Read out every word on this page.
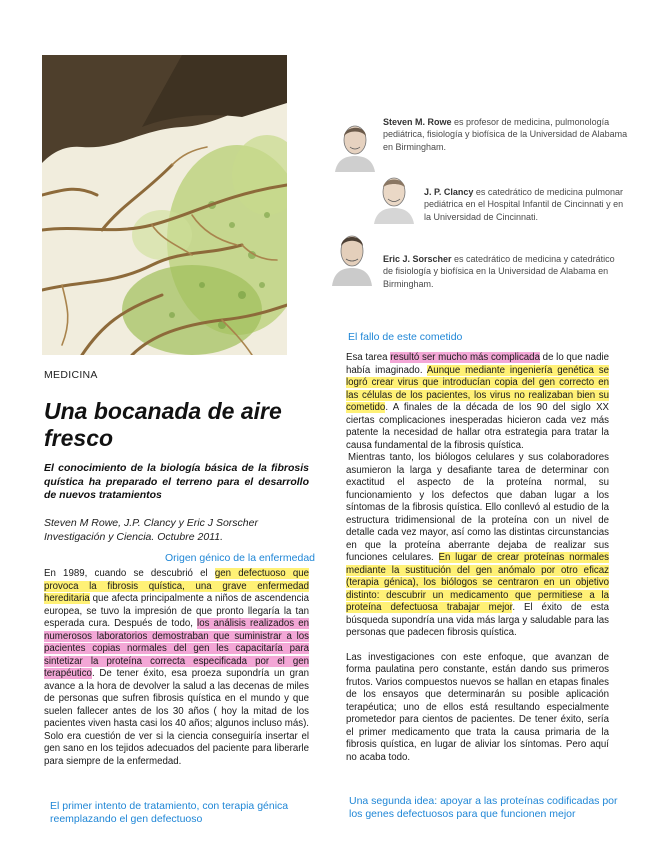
Steven M. Rowe es profesor de medicina, pulmonología pediátrica, fisiología y biofísica de la Universidad de Alabama en Birmingham.
J. P. Clancy es catedrático de medicina pulmonar pediátrica en el Hospital Infantil de Cincinnati y en la Universidad de Cincinnati.
Eric J. Sorscher es catedrático de medicina y catedrático de fisiología y biofísica en la Universidad de Alabama en Birmingham.
MEDICINA
Una bocanada de aire fresco
El conocimiento de la biología básica de la fibrosis quística ha preparado el terreno para el desarrollo de nuevos tratamientos
Steven M Rowe, J.P. Clancy y Eric J Sorscher
Investigación y Ciencia. Octubre 2011.
Origen génico de la enfermedad

En 1989, cuando se descubrió el gen defectuoso que provoca la fibrosis quística, una grave enfermedad hereditaria que afecta principalmente a niños de ascendencia europea, se tuvo la impresión de que pronto llegaría la tan esperada cura. Después de todo, los análisis realizados en numerosos laboratorios demostraban que suministrar a los pacientes copias normales del gen les capacitaría para sintetizar la proteína correcta especificada por el gen terapéutico. De tener éxito, esa proeza supondría un gran avance a la hora de devolver la salud a las decenas de miles de personas que sufren fibrosis quística en el mundo y que suelen fallecer antes de los 30 años ( hoy la mitad de los pacientes viven hasta casi los 40 años; algunos incluso más). Solo era cuestión de ver si la ciencia conseguiría insertar el gen sano en los tejidos adecuados del paciente para liberarle para siempre de la enfermedad.

El primer intento de tratamiento, con terapia génica reemplazando el gen defectuoso
El fallo de este cometido

Esa tarea resultó ser mucho más complicada de lo que nadie había imaginado. Aunque mediante ingeniería genética se logró crear virus que introducían copia del gen correcto en las células de los pacientes, los virus no realizaban bien su cometido. A finales de la década de los 90 del siglo XX ciertas complicaciones inesperadas hicieron cada vez más patente la necesidad de hallar otra estrategia para tratar la causa fundamental de la fibrosis quística.

Mientras tanto, los biólogos celulares y sus colaboradores asumieron la larga y desafiante tarea de determinar con exactitud el aspecto de la proteína normal, su funcionamiento y los defectos que daban lugar a los síntomas de la fibrosis quística. Ello conllevó al estudio de la estructura tridimensional de la proteína con un nivel de detalle cada vez mayor, así como las distintas circunstancias en que la proteína aberrante dejaba de realizar sus funciones celulares. En lugar de crear proteínas normales mediante la sustitución del gen anómalo por otro eficaz (terapia génica), los biólogos se centraron en un objetivo distinto: descubrir un medicamento que permitiese a la proteína defectuosa trabajar mejor. El éxito de esta búsqueda supondría una vida más larga y saludable para las personas que padecen fibrosis quística.

Las investigaciones con este enfoque, que avanzan de forma paulatina pero constante, están dando sus primeros frutos. Varios compuestos nuevos se hallan en etapas finales de los ensayos que determinarán su posible aplicación terapéutica; uno de ellos está resultando especialmente prometedor para cientos de pacientes. De tener éxito, sería el primer medicamento que trata la causa primaria de la fibrosis quística, en lugar de aliviar los síntomas. Pero aquí no acaba todo.

Una segunda idea: apoyar a las proteínas codificadas por los genes defectuosos para que funcionen mejor
